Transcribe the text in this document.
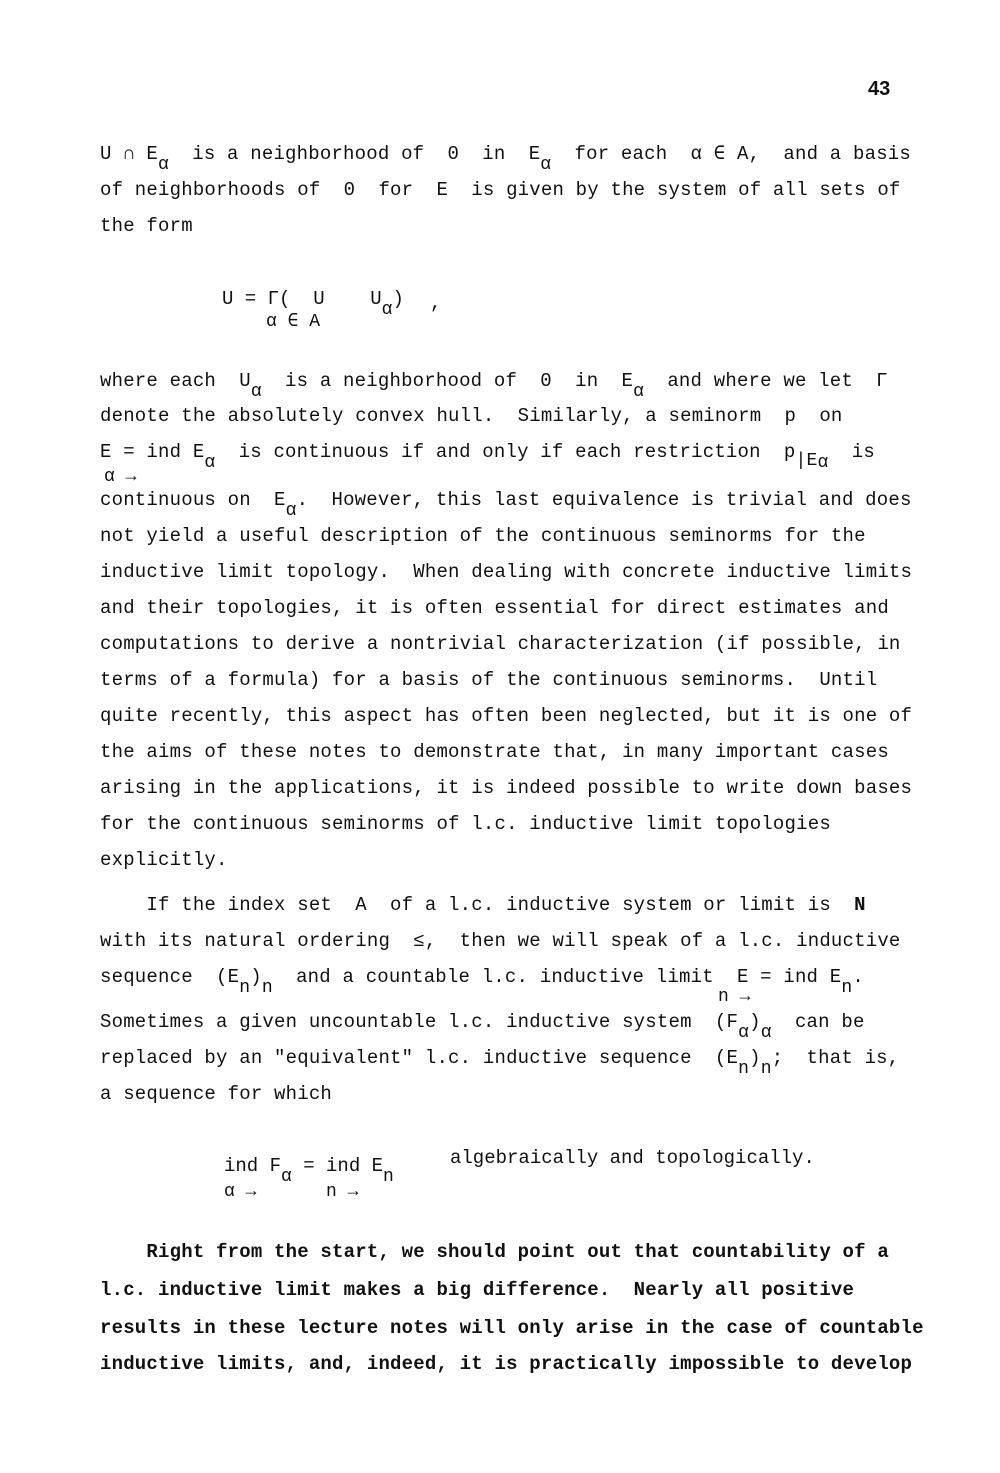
43
U ∩ Eα  is a neighborhood of  0  in  Eα  for each  α ∈ A,  and a basis
of neighborhoods of  0  for  E  is given by the system of all sets of
the form
U = Γ(  U    Uα)
α ∈ A
,
where each  Uα  is a neighborhood of  0  in  Eα  and where we let  Γ
denote the absolutely convex hull.  Similarly, a seminorm  p  on
E = ind Eα  is continuous if and only if each restriction  p|Eα  is
α →
continuous on  Eα.  However, this last equivalence is trivial and does
not yield a useful description of the continuous seminorms for the
inductive limit topology.  When dealing with concrete inductive limits
and their topologies, it is often essential for direct estimates and
computations to derive a nontrivial characterization (if possible, in
terms of a formula) for a basis of the continuous seminorms.  Until
quite recently, this aspect has often been neglected, but it is one of
the aims of these notes to demonstrate that, in many important cases
arising in the applications, it is indeed possible to write down bases
for the continuous seminorms of l.c. inductive limit topologies
explicitly.
If the index set  A  of a l.c. inductive system or limit is  N
with its natural ordering  ≤,  then we will speak of a l.c. inductive
sequence  (En)n  and a countable l.c. inductive limit  E = ind En.
n →
Sometimes a given uncountable l.c. inductive system  (Fα)α  can be
replaced by an "equivalent" l.c. inductive sequence  (En)n;  that is,
a sequence for which
ind Fα = ind En
α →	n →
algebraically and topologically.
Right from the start, we should point out that countability of a
l.c. inductive limit makes a big difference.  Nearly all positive
results in these lecture notes will only arise in the case of countable
inductive limits, and, indeed, it is practically impossible to develop
